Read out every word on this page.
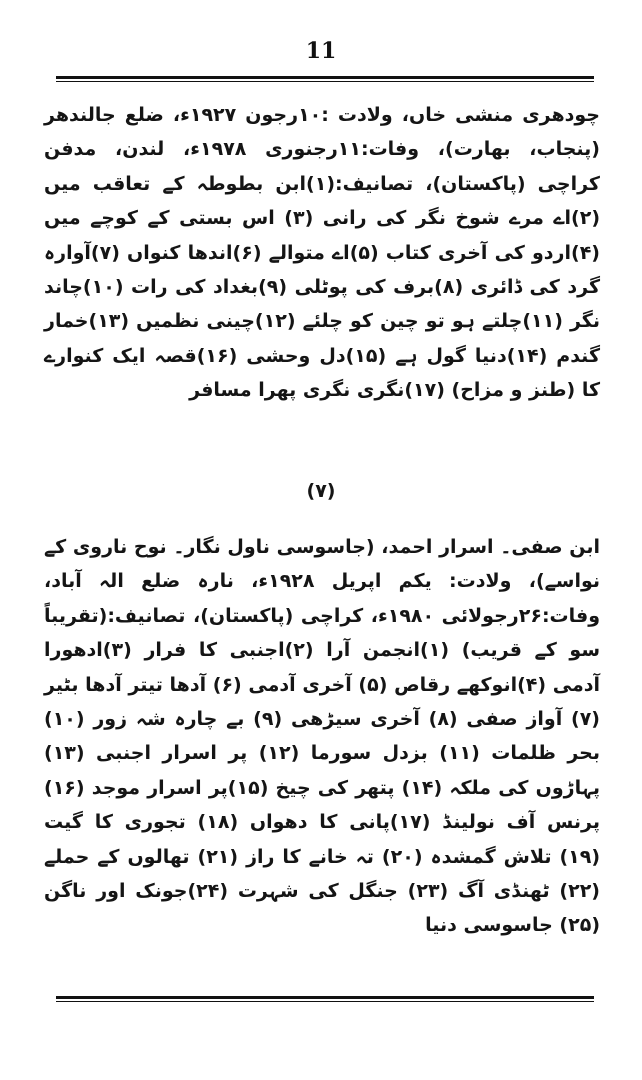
11

چودھری منشی خاں، ولادت :۱۰رجون ۱۹۲۷ء، ضلع جالندھر (پنجاب، بھارت)، وفات:۱۱رجنوری ۱۹۷۸ء، لندن، مدفن کراچی (پاکستان)، تصانیف:(۱)ابن بطوطہ کے تعاقب میں (۲)اے مرے شوخ نگر کی رانی (۳) اس بستی کے کوچے میں (۴)اردو کی آخری کتاب (۵)اے متوالے (۶)اندھا کنواں (۷)آوارہ گرد کی ڈائری (۸)برف کی پوٹلی (۹)بغداد کی رات (۱۰)چاند نگر (۱۱)چلتے ہو تو چین کو چلئے (۱۲)چینی نظمیں (۱۳)خمار گندم (۱۴)دنیا گول ہے (۱۵)دل وحشی (۱۶)قصہ ایک کنوارے کا (طنز و مزاح) (۱۷)نگری نگری پھرا مسافر

(۷)

ابن صفی۔ اسرار احمد، (جاسوسی ناول نگار۔ نوح ناروی کے نواسے)، ولادت: یکم اپریل ۱۹۲۸ء، نارہ ضلع الہ آباد، وفات:۲۶رجولائی ۱۹۸۰ء، کراچی (پاکستان)، تصانیف:(تقریباً سو کے قریب) (۱)انجمن آرا (۲)اجنبی کا فرار (۳)ادھورا آدمی (۴)انوکھے رقاص (۵) آخری آدمی (۶) آدھا تیتر آدھا بٹیر (۷) آواز صفی (۸) آخری سیڑھی (۹) بے چارہ شہ زور (۱۰) بحر ظلمات (۱۱) بزدل سورما (۱۲) پر اسرار اجنبی (۱۳) پہاڑوں کی ملکہ (۱۴) پتھر کی چیخ (۱۵)پر اسرار موجد (۱۶) پرنس آف نولینڈ (۱۷)پانی کا دھواں (۱۸) تجوری کا گیت (۱۹) تلاش گمشدہ (۲۰) تہ خانے کا راز (۲۱) تھالوں کے حملے (۲۲) ٹھنڈی آگ (۲۳) جنگل کی شہرت (۲۴)جونک اور ناگن (۲۵) جاسوسی دنیا
